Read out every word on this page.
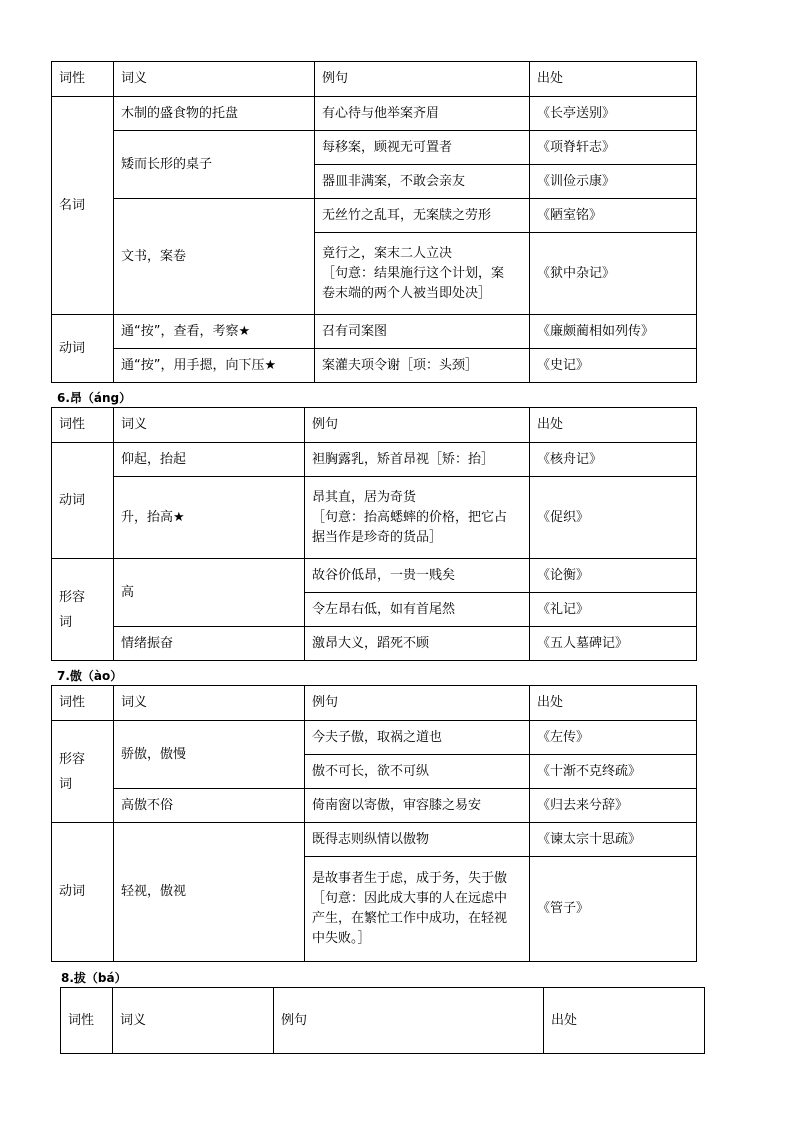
词性	词义	例句	出处
名词	木制的盛食物的托盘	有心待与他举案齐眉	《长亭送别》
	矮而长形的桌子	每移案，顾视无可置者	《项脊轩志》
		器皿非满案，不敢会亲友	《训俭示康》
	文书，案卷	无丝竹之乱耳，无案牍之劳形	《陋室铭》

		竟行之，案末二人立决
［句意：结果施行这个计划，案
卷末端的两个人被当即处决］	《狱中杂记》
动词	通“按”，查看，考察★	召有司案图	《廉颇蔺相如列传》
	通“按”，用手摁，向下压★	案灌夫项令谢［项：头颈］	《史记》
6.昂（áng）
词性	词义	例句	出处
动词	仰起，抬起	袒胸露乳，矫首昂视［矫：抬］	《核舟记》
	升，抬高★	昂其直，居为奇货
［句意：抬高蟋蟀的价格，把它占
据当作是珍奇的货品］	《促织》

形容词	高	故谷价低昂，一贵一贱矣	《论衡》
		令左昂右低，如有首尾然	《礼记》
	情绪振奋	激昂大义，蹈死不顾	《五人墓碑记》
7.傲（ào）
词性	词义	例句	出处

形容词	骄傲，傲慢	今夫子傲，取祸之道也	《左传》
		傲不可长，欲不可纵	《十渐不克终疏》
	高傲不俗	倚南窗以寄傲，审容膝之易安	《归去来兮辞》
动词	轻视，傲视	既得志则纵情以傲物	《谏太宗十思疏》

		是故事者生于虑，成于务，失于傲
［句意：因此成大事的人在远虑中
产生，在繁忙工作中成功，在轻视
中失败。］	《管子》
8.拔（bá）
词性	词义	例句	出处
